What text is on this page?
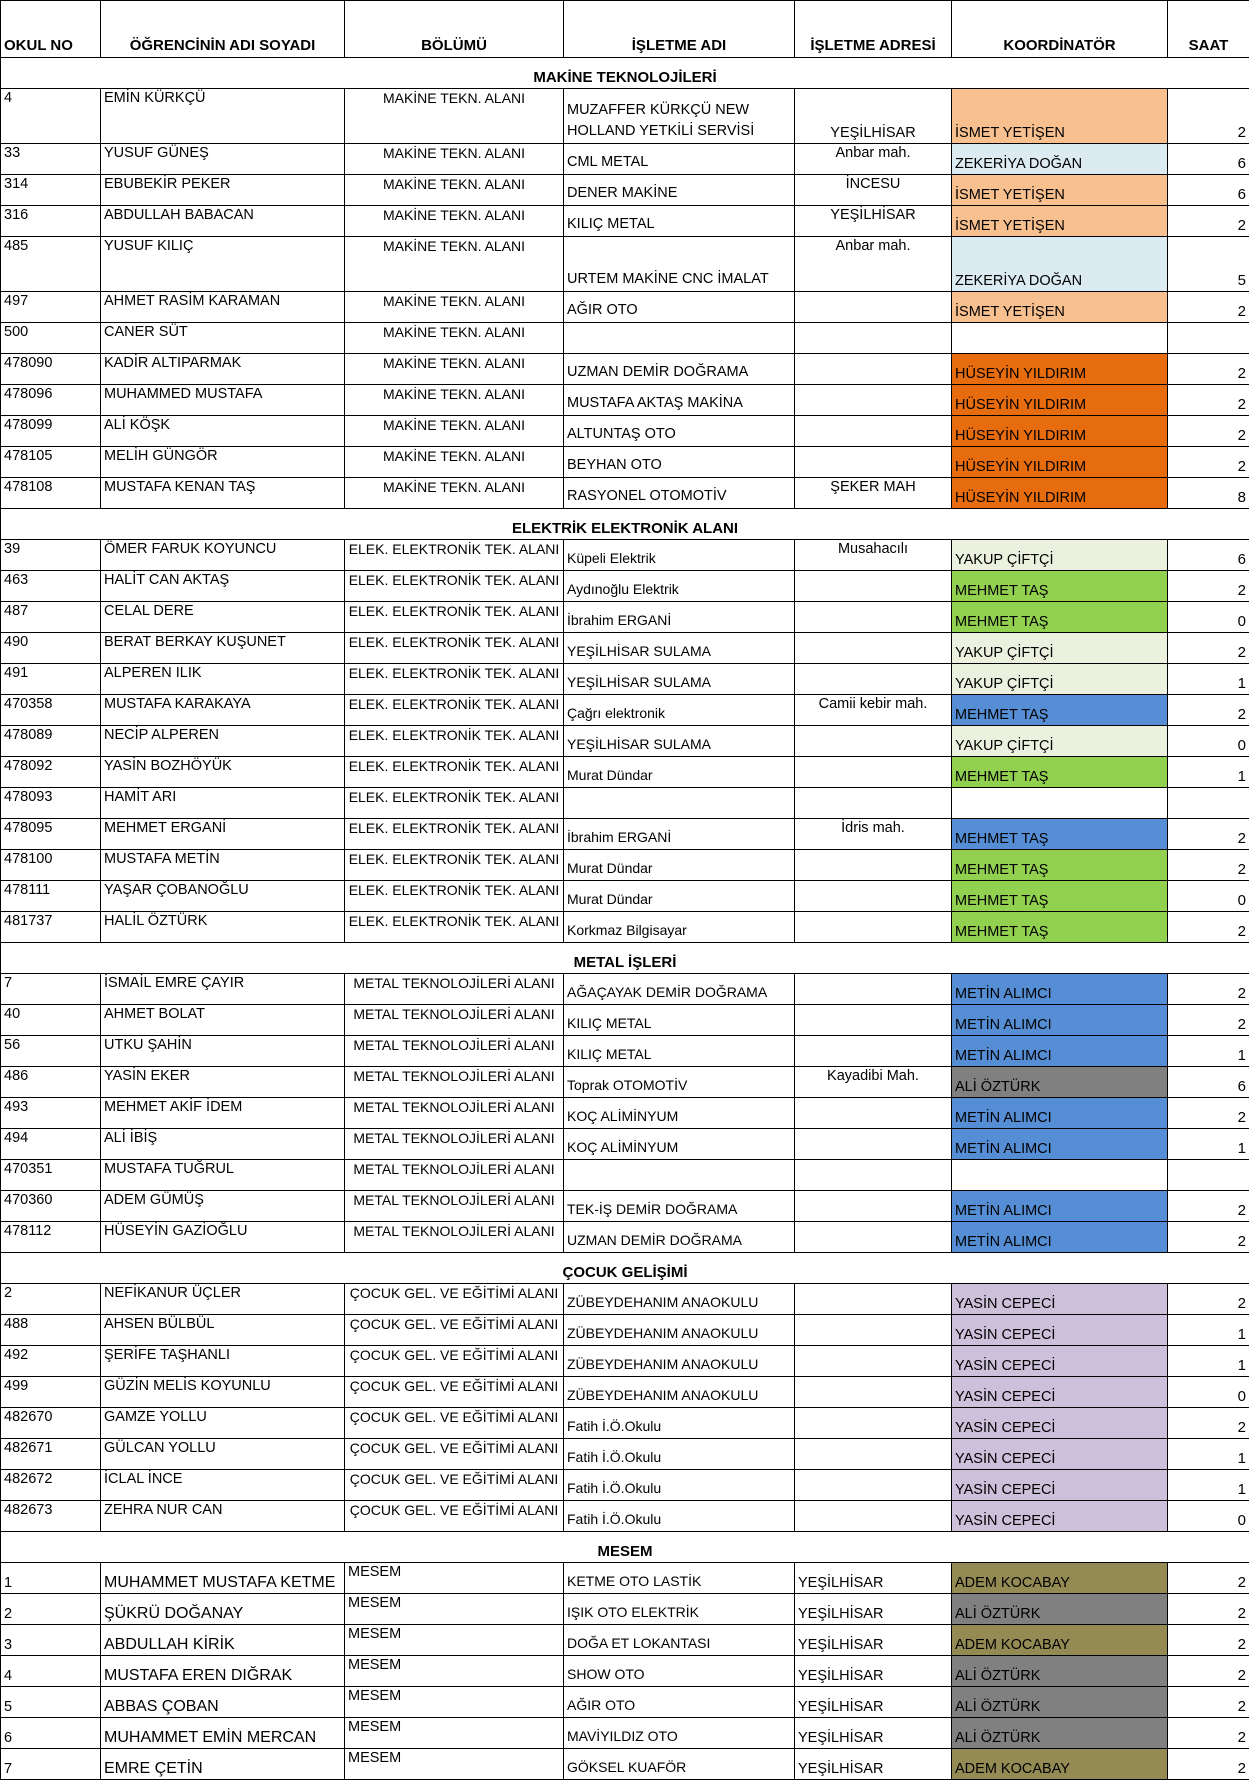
OKUL NO	ÖĞRENCİNİN ADI SOYADI	BÖLÜMÜ	İŞLETME ADI	İŞLETME ADRESİ	KOORDİNATÖR	SAAT
MAKİNE TEKNOLOJİLERİ						
4	EMİN KÜRKÇÜ	MAKİNE TEKN. ALANI	MUZAFFER KÜRKÇÜ NEW HOLLAND YETKİLİ SERVİSİ	YEŞİLHİSAR	İSMET YETİŞEN	2
33	YUSUF GÜNEŞ	MAKİNE TEKN. ALANI	CML METAL	Anbar mah.	ZEKERİYA DOĞAN	6
314	EBUBEKİR PEKER	MAKİNE TEKN. ALANI	DENER MAKİNE	İNCESU	İSMET YETİŞEN	6
316	ABDULLAH BABACAN	MAKİNE TEKN. ALANI	KILIÇ METAL	YEŞİLHİSAR	İSMET YETİŞEN	2
485	YUSUF KILIÇ	MAKİNE TEKN. ALANI	URTEM MAKİNE CNC İMALAT	Anbar mah.	ZEKERİYA DOĞAN	5
497	AHMET RASİM KARAMAN	MAKİNE TEKN. ALANI	AĞIR OTO		İSMET YETİŞEN	2
500	CANER SÜT	MAKİNE TEKN. ALANI				
478090	KADİR ALTIPARMAK	MAKİNE TEKN. ALANI	UZMAN DEMİR DOĞRAMA		HÜSEYİN YILDIRIM	2
478096	MUHAMMED MUSTAFA	MAKİNE TEKN. ALANI	MUSTAFA AKTAŞ MAKİNA		HÜSEYİN YILDIRIM	2
478099	ALİ KÖŞK	MAKİNE TEKN. ALANI	ALTUNTAŞ OTO		HÜSEYİN YILDIRIM	2
478105	MELİH GÜNGÖR	MAKİNE TEKN. ALANI	BEYHAN OTO		HÜSEYİN YILDIRIM	2
478108	MUSTAFA KENAN TAŞ	MAKİNE TEKN. ALANI	RASYONEL OTOMOTİV	ŞEKER MAH	HÜSEYİN YILDIRIM	8
ELEKTRİK ELEKTRONİK ALANI						
39	ÖMER FARUK KOYUNCU	ELEK. ELEKTRONİK TEK. ALANI	Küpeli Elektrik	Musahacılı	YAKUP ÇİFTÇİ	6
463	HALİT CAN AKTAŞ	ELEK. ELEKTRONİK TEK. ALANI	Aydınoğlu Elektrik		MEHMET TAŞ	2
487	CELAL DERE	ELEK. ELEKTRONİK TEK. ALANI	İbrahim ERGANİ		MEHMET TAŞ	0
490	BERAT BERKAY KUŞUNET	ELEK. ELEKTRONİK TEK. ALANI	YEŞİLHİSAR SULAMA		YAKUP ÇİFTÇİ	2
491	ALPEREN ILIK	ELEK. ELEKTRONİK TEK. ALANI	YEŞİLHİSAR SULAMA		YAKUP ÇİFTÇİ	1
470358	MUSTAFA KARAKAYA	ELEK. ELEKTRONİK TEK. ALANI	Çağrı elektronik	Camii kebir mah.	MEHMET TAŞ	2
478089	NECİP ALPEREN	ELEK. ELEKTRONİK TEK. ALANI	YEŞİLHİSAR SULAMA		YAKUP ÇİFTÇİ	0
478092	YASİN BOZHÖYÜK	ELEK. ELEKTRONİK TEK. ALANI	Murat Dündar		MEHMET TAŞ	1
478093	HAMİT ARI	ELEK. ELEKTRONİK TEK. ALANI				
478095	MEHMET ERGANİ	ELEK. ELEKTRONİK TEK. ALANI	İbrahim ERGANİ	İdris mah.	MEHMET TAŞ	2
478100	MUSTAFA METİN	ELEK. ELEKTRONİK TEK. ALANI	Murat Dündar		MEHMET TAŞ	2
478111	YAŞAR ÇOBANOĞLU	ELEK. ELEKTRONİK TEK. ALANI	Murat Dündar		MEHMET TAŞ	0
481737	HALİL ÖZTÜRK	ELEK. ELEKTRONİK TEK. ALANI	Korkmaz Bilgisayar		MEHMET TAŞ	2
METAL İŞLERİ						
7	İSMAİL EMRE ÇAYIR	METAL TEKNOLOJİLERİ ALANI	AĞAÇAYAK DEMİR DOĞRAMA		METİN ALIMCI	2
40	AHMET BOLAT	METAL TEKNOLOJİLERİ ALANI	KILIÇ METAL		METİN ALIMCI	2
56	UTKU ŞAHİN	METAL TEKNOLOJİLERİ ALANI	KILIÇ METAL		METİN ALIMCI	1
486	YASİN EKER	METAL TEKNOLOJİLERİ ALANI	Toprak OTOMOTİV	Kayadibi Mah.	ALİ ÖZTÜRK	6
493	MEHMET AKİF İDEM	METAL TEKNOLOJİLERİ ALANI	KOÇ ALİMİNYUM		METİN ALIMCI	2
494	ALİ İBİŞ	METAL TEKNOLOJİLERİ ALANI	KOÇ ALİMİNYUM		METİN ALIMCI	1
470351	MUSTAFA TUĞRUL	METAL TEKNOLOJİLERİ ALANI				
470360	ADEM GÜMÜŞ	METAL TEKNOLOJİLERİ ALANI	TEK-İŞ DEMİR DOĞRAMA		METİN ALIMCI	2
478112	HÜSEYİN GAZİOĞLU	METAL TEKNOLOJİLERİ ALANI	UZMAN DEMİR DOĞRAMA		METİN ALIMCI	2
ÇOCUK GELİŞİMİ						
2	NEFİKANUR ÜÇLER	ÇOCUK GEL. VE EĞİTİMİ ALANI	ZÜBEYDEHANIM ANAOKULU		YASİN CEPECİ	2
488	AHSEN BÜLBÜL	ÇOCUK GEL. VE EĞİTİMİ ALANI	ZÜBEYDEHANIM ANAOKULU		YASİN CEPECİ	1
492	ŞERİFE TAŞHANLI	ÇOCUK GEL. VE EĞİTİMİ ALANI	ZÜBEYDEHANIM ANAOKULU		YASİN CEPECİ	1
499	GÜZİN MELİS KOYUNLU	ÇOCUK GEL. VE EĞİTİMİ ALANI	ZÜBEYDEHANIM ANAOKULU		YASİN CEPECİ	0
482670	GAMZE YOLLU	ÇOCUK GEL. VE EĞİTİMİ ALANI	Fatih İ.Ö.Okulu		YASİN CEPECİ	2
482671	GÜLCAN YOLLU	ÇOCUK GEL. VE EĞİTİMİ ALANI	Fatih İ.Ö.Okulu		YASİN CEPECİ	1
482672	İCLAL İNCE	ÇOCUK GEL. VE EĞİTİMİ ALANI	Fatih İ.Ö.Okulu		YASİN CEPECİ	1
482673	ZEHRA NUR CAN	ÇOCUK GEL. VE EĞİTİMİ ALANI	Fatih İ.Ö.Okulu		YASİN CEPECİ	0
MESEM						
1	MUHAMMET MUSTAFA KETME	MESEM	KETME OTO LASTİK	YEŞİLHİSAR	ADEM KOCABAY	2
2	ŞÜKRÜ DOĞANAY	MESEM	IŞIK OTO ELEKTRİK	YEŞİLHİSAR	ALİ ÖZTÜRK	2
3	ABDULLAH KİRİK	MESEM	DOĞA ET LOKANTASI	YEŞİLHİSAR	ADEM KOCABAY	2
4	MUSTAFA EREN DIĞRAK	MESEM	SHOW OTO	YEŞİLHİSAR	ALİ ÖZTÜRK	2
5	ABBAS ÇOBAN	MESEM	AĞIR OTO	YEŞİLHİSAR	ALİ ÖZTÜRK	2
6	MUHAMMET EMİN MERCAN	MESEM	MAVİYILDIZ OTO	YEŞİLHİSAR	ALİ ÖZTÜRK	2
7	EMRE ÇETİN	MESEM	GÖKSEL KUAFÖR	YEŞİLHİSAR	ADEM KOCABAY	2
